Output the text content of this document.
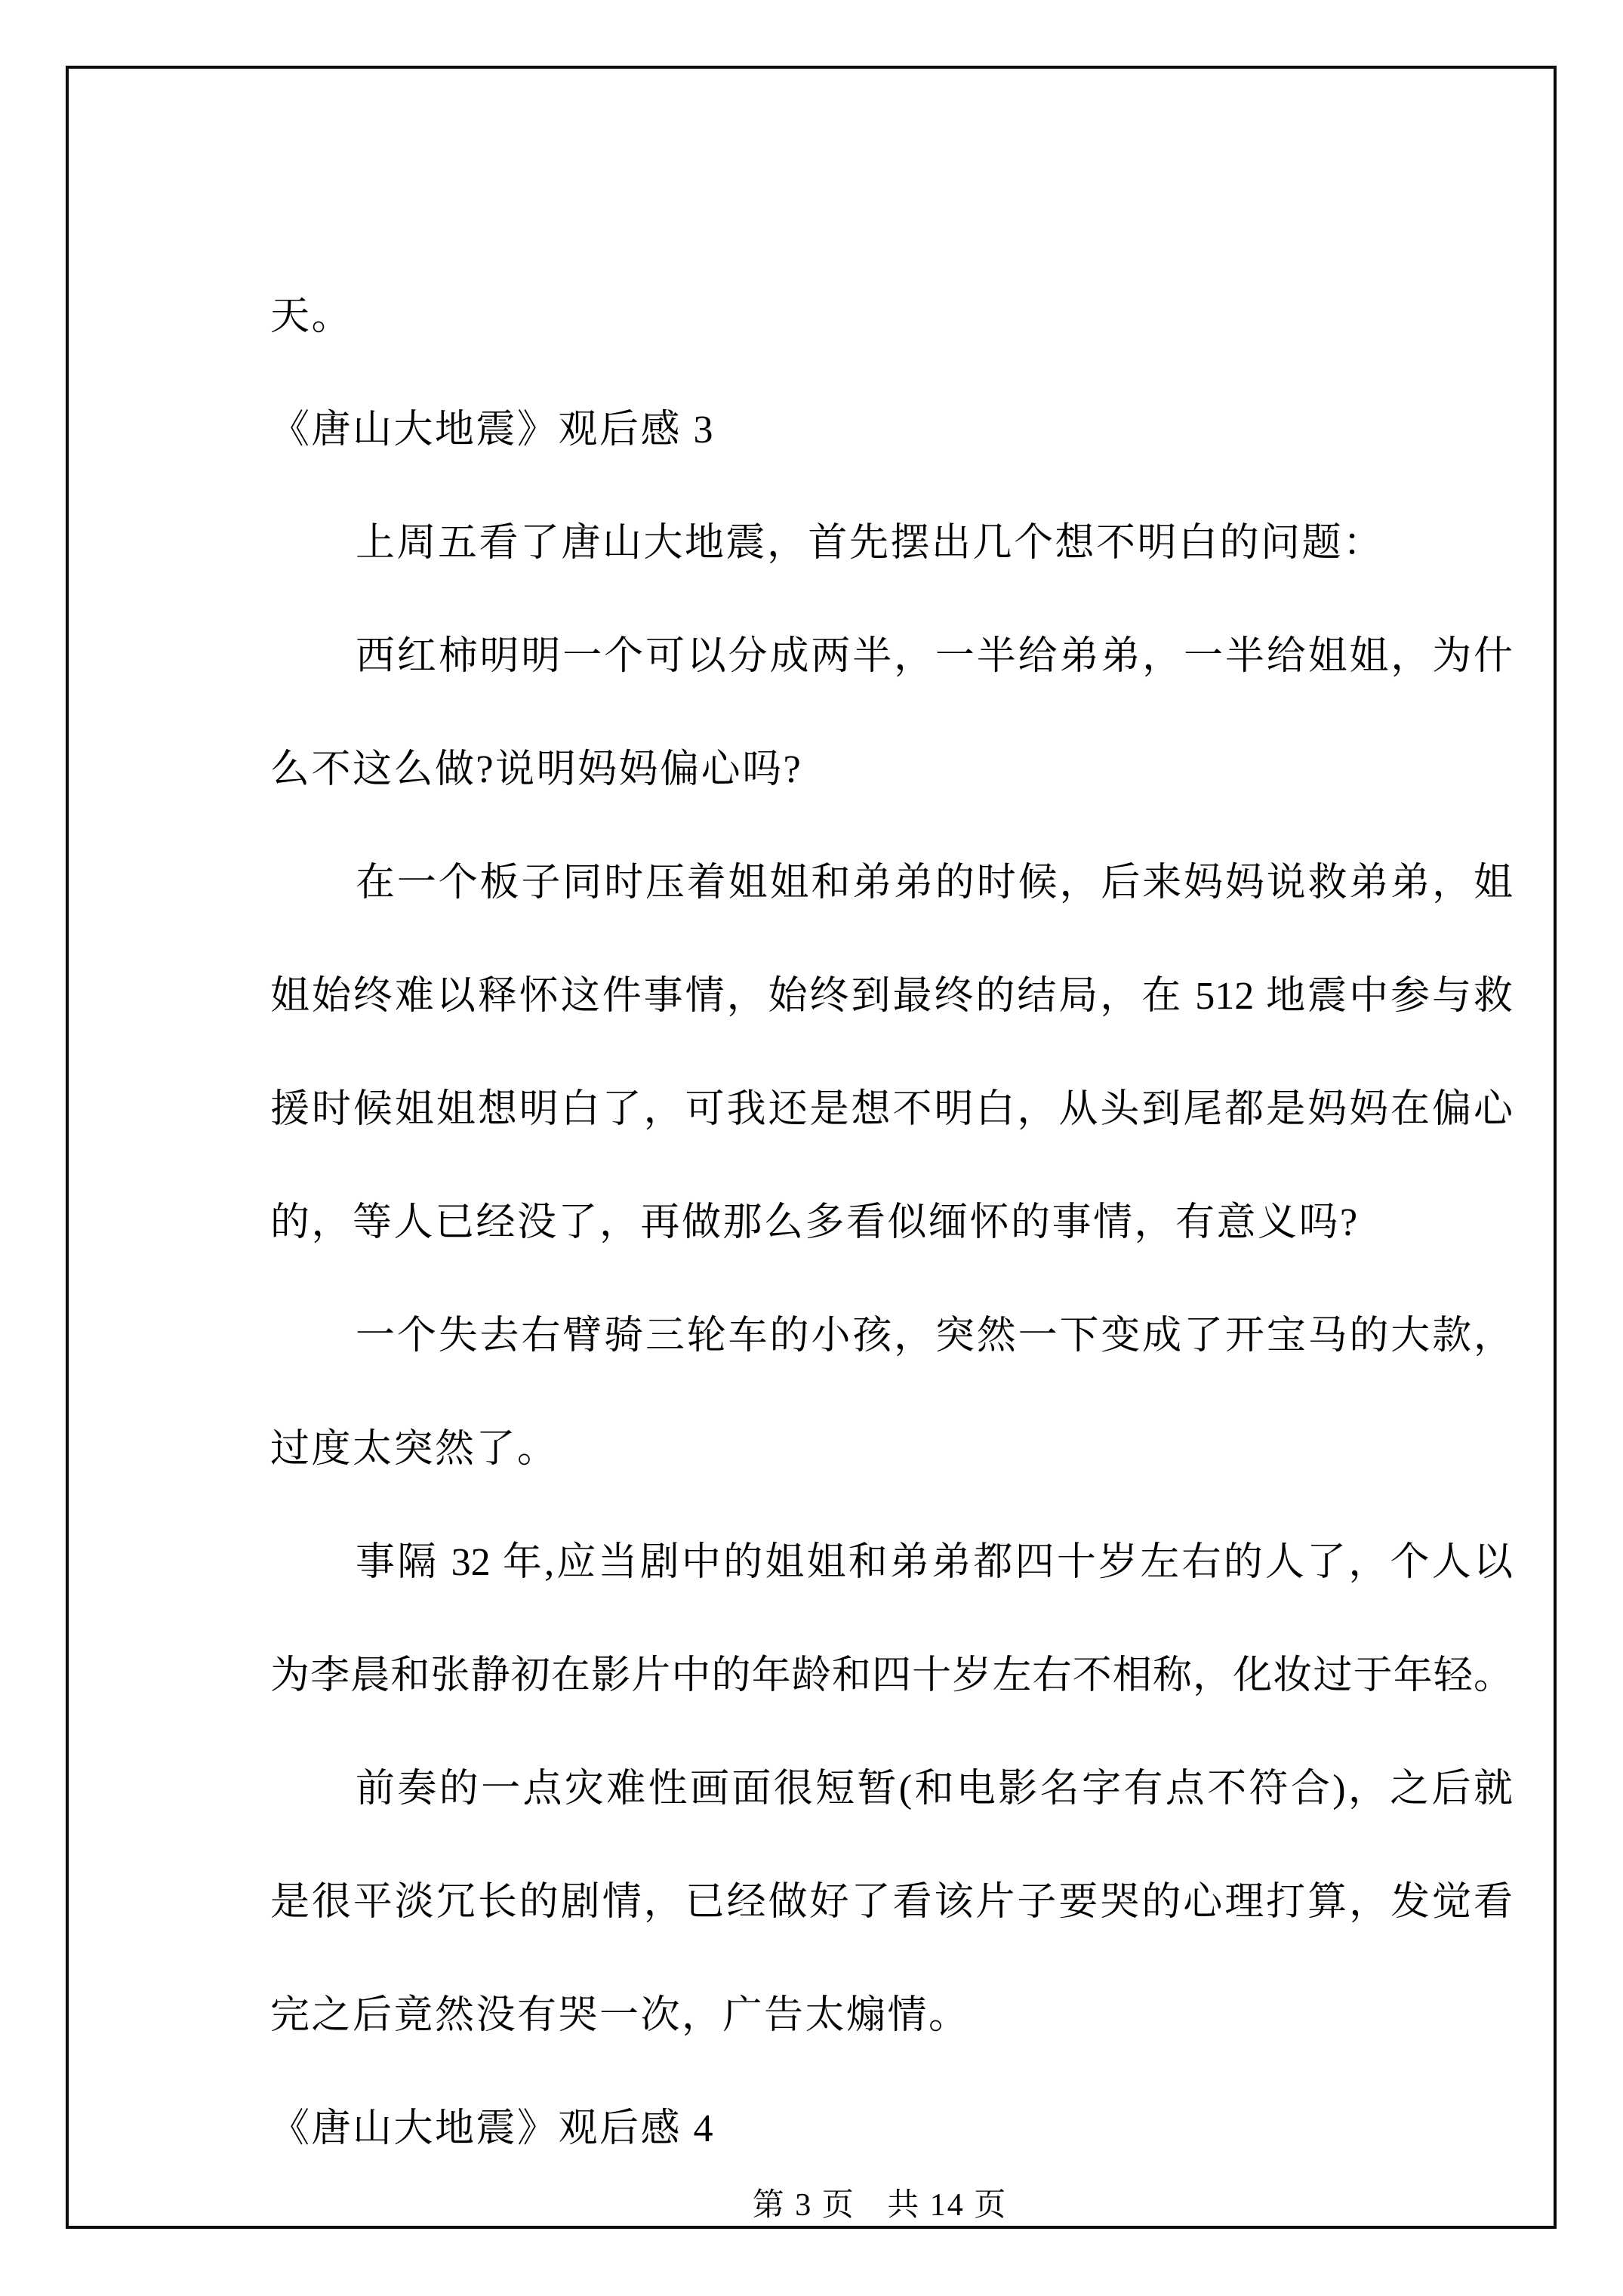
天。
《唐山大地震》观后感 3
上周五看了唐山大地震，首先摆出几个想不明白的问题：
西红柿明明一个可以分成两半，一半给弟弟，一半给姐姐，为什
么不这么做?说明妈妈偏心吗?
在一个板子同时压着姐姐和弟弟的时候，后来妈妈说救弟弟，姐
姐始终难以释怀这件事情，始终到最终的结局，在 512 地震中参与救
援时候姐姐想明白了，可我还是想不明白，从头到尾都是妈妈在偏心
的，等人已经没了，再做那么多看似缅怀的事情，有意义吗?
一个失去右臂骑三轮车的小孩，突然一下变成了开宝马的大款，
过度太突然了。
事隔 32 年,应当剧中的姐姐和弟弟都四十岁左右的人了，个人以
为李晨和张静初在影片中的年龄和四十岁左右不相称，化妆过于年轻。
前奏的一点灾难性画面很短暂(和电影名字有点不符合)，之后就
是很平淡冗长的剧情，已经做好了看该片子要哭的心理打算，发觉看
完之后竟然没有哭一次，广告太煽情。
《唐山大地震》观后感 4
第 3 页 共 14 页
